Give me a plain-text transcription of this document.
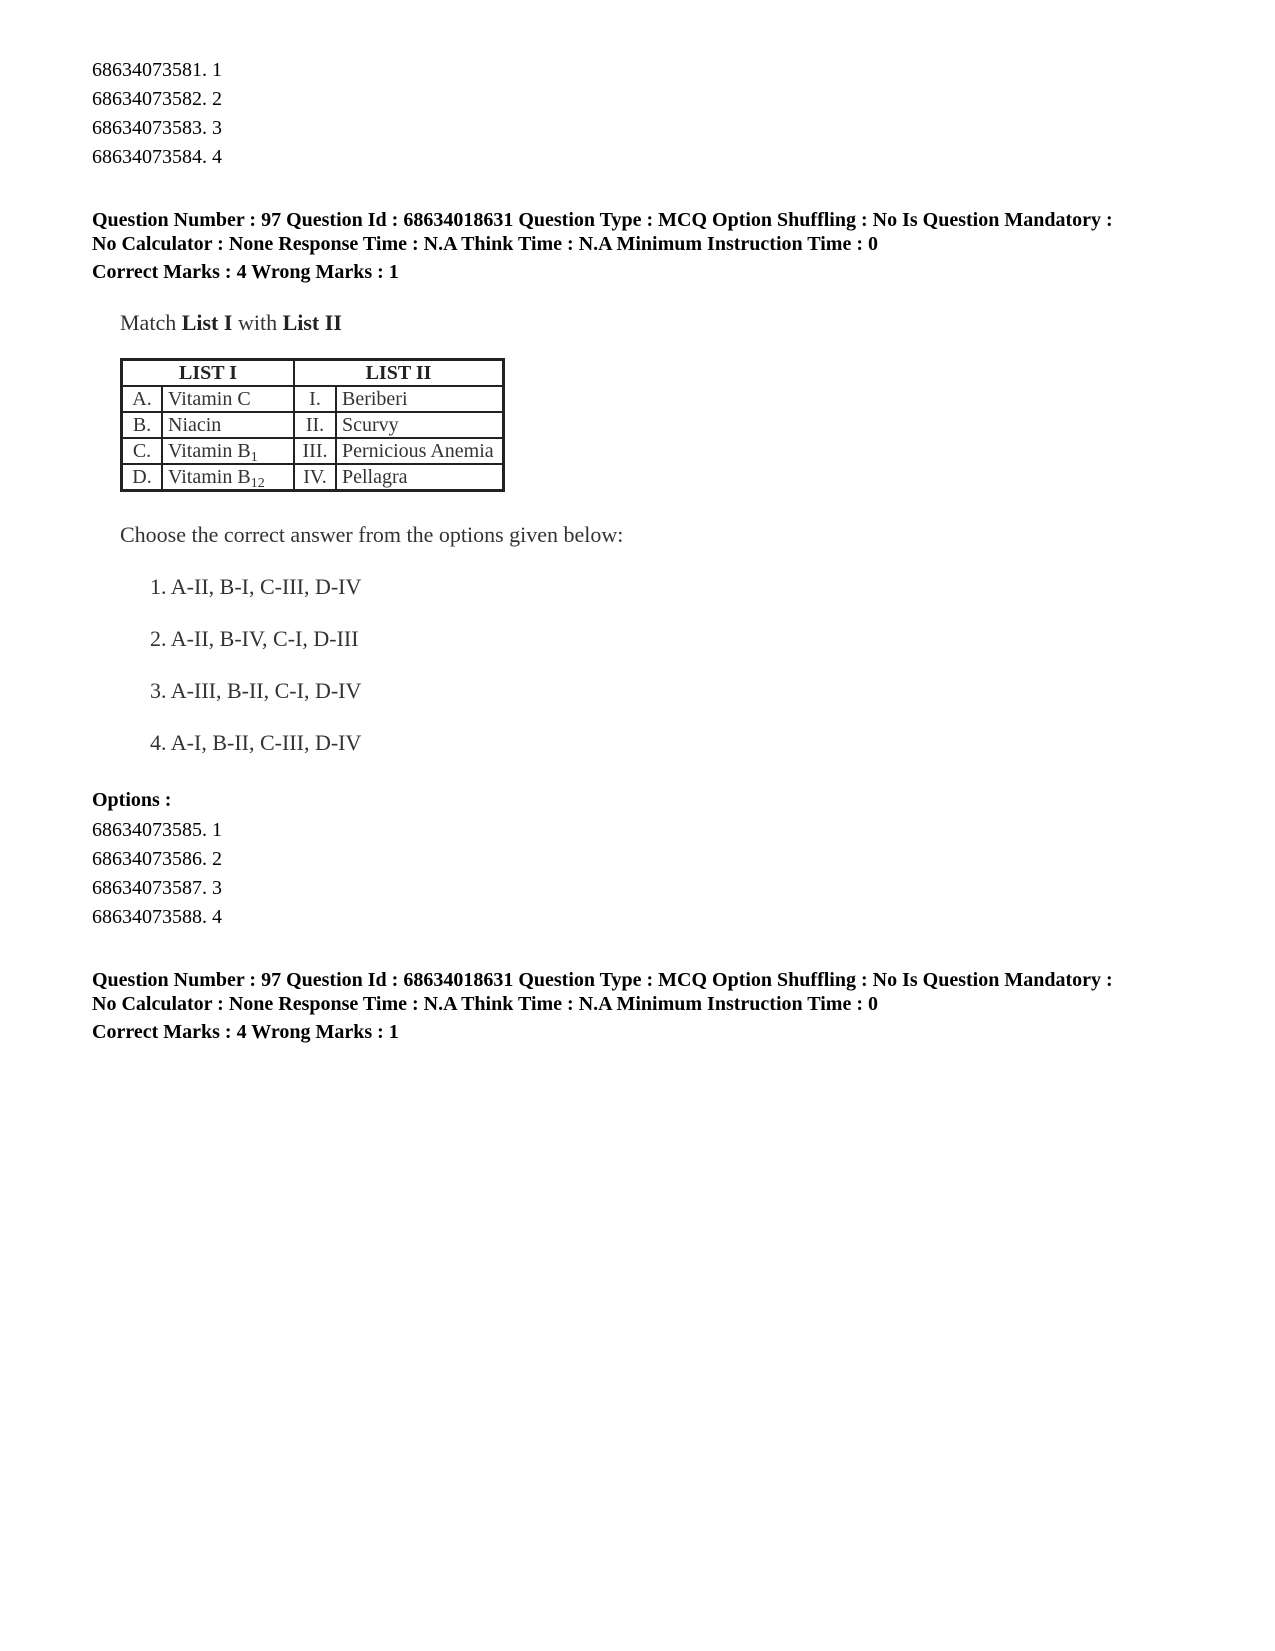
68634073581. 1
68634073582. 2
68634073583. 3
68634073584. 4
Question Number : 97 Question Id : 68634018631 Question Type : MCQ Option Shuffling : No Is Question Mandatory :
No Calculator : None Response Time : N.A Think Time : N.A Minimum Instruction Time : 0
Correct Marks : 4 Wrong Marks : 1
Match List I with List II
LIST I		LIST II	
A.	Vitamin C	I.	Beriberi
B.	Niacin	II.	Scurvy
C.	Vitamin $B_1$	III.	Pernicious Anemia
D.	Vitamin $B_{12}$	IV.	Pellagra
Choose the correct answer from the options given below:
1. A-II, B-I, C-III, D-IV
2. A-II, B-IV, C-I, D-III
3. A-III, B-II, C-I, D-IV
4. A-I, B-II, C-III, D-IV
Options :
68634073585. 1
68634073586. 2
68634073587. 3
68634073588. 4
Question Number : 97 Question Id : 68634018631 Question Type : MCQ Option Shuffling : No Is Question Mandatory :
No Calculator : None Response Time : N.A Think Time : N.A Minimum Instruction Time : 0
Correct Marks : 4 Wrong Marks : 1
